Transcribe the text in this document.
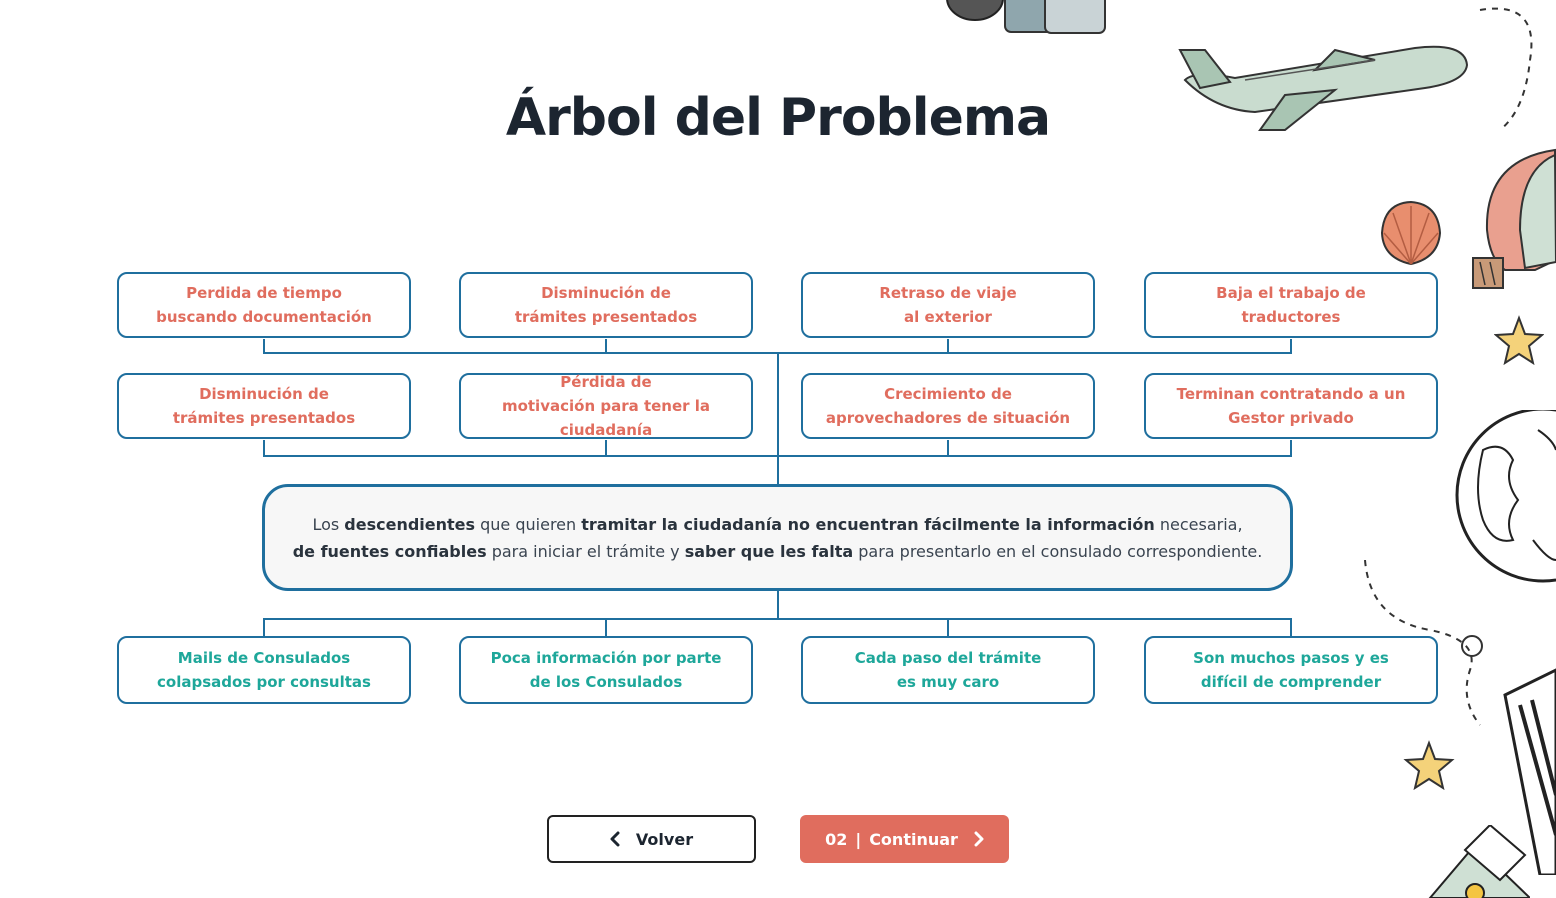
Árbol del Problema
Perdida de tiempo
buscando documentación
Disminución de
trámites presentados
Retraso de viaje
al exterior
Baja el trabajo de
traductores
Disminución de
trámites presentados
Pérdida de
motivación para tener la ciudadanía
Crecimiento de
aprovechadores de situación
Terminan contratando a un
Gestor privado
Los descendientes que quieren tramitar la ciudadanía no encuentran fácilmente la información necesaria,
de fuentes confiables para iniciar el trámite y saber que les falta para presentarlo en el consulado correspondiente.
Mails de Consulados
colapsados por consultas
Poca información por parte
de los Consulados
Cada paso del trámite
es muy caro
Son muchos pasos y es
difícil de comprender
Volver	02 | Continuar
